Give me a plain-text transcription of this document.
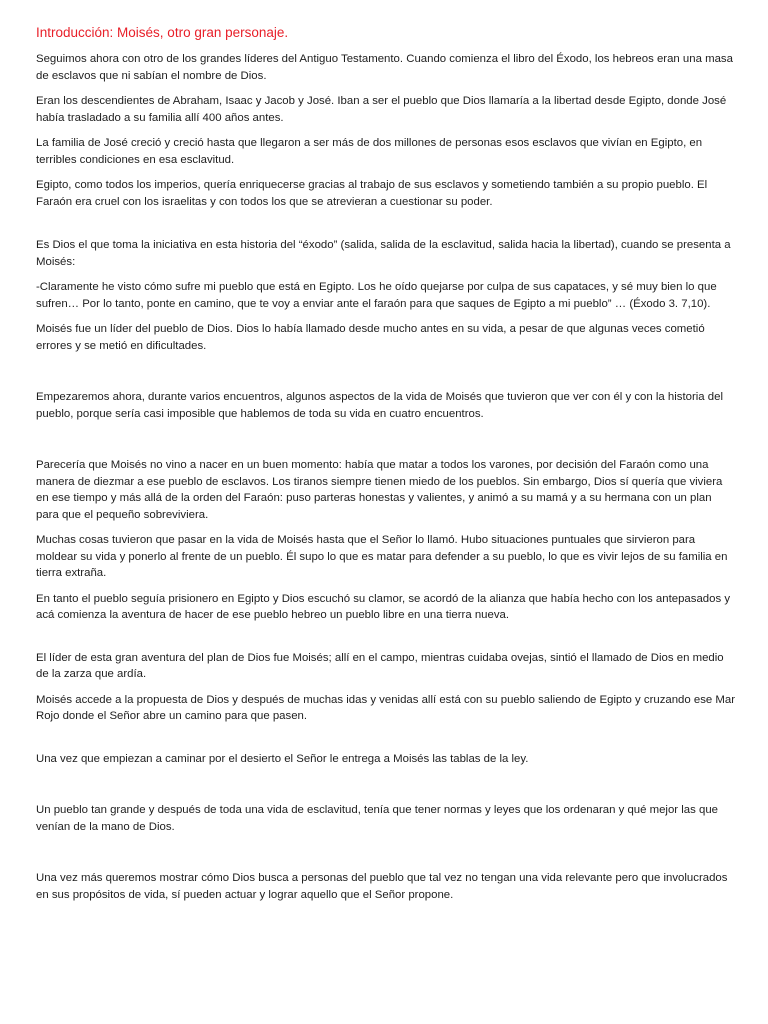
Introducción: Moisés, otro gran personaje.

Seguimos ahora con otro de los grandes líderes del Antiguo Testamento. Cuando comienza el libro del Éxodo, los hebreos eran una masa de esclavos que ni sabían el nombre de Dios.

Eran los descendientes de Abraham, Isaac y Jacob y José. Iban a ser el pueblo que Dios llamaría a la libertad desde Egipto, donde José había trasladado a su familia allí 400 años antes.

La familia de José creció y creció hasta que llegaron a ser más de dos millones de personas esos esclavos que vivían en Egipto, en terribles condiciones en esa esclavitud.

Egipto, como todos los imperios, quería enriquecerse gracias al trabajo de sus esclavos y sometiendo también a su propio pueblo. El Faraón era cruel con los israelitas y con todos los que se atrevieran a cuestionar su poder.

Es Dios el que toma la iniciativa en esta historia del “éxodo” (salida, salida de la esclavitud, salida hacia la libertad), cuando se presenta a Moisés:

-Claramente he visto cómo sufre mi pueblo que está en Egipto. Los he oído quejarse por culpa de sus capataces, y sé muy bien lo que sufren… Por lo tanto, ponte en camino, que te voy a enviar ante el faraón para que saques de Egipto a mi pueblo” … (Éxodo 3. 7,10).

Moisés fue un líder del pueblo de Dios. Dios lo había llamado desde mucho antes en su vida, a pesar de que algunas veces cometió errores y se metió en dificultades.

Empezaremos ahora, durante varios encuentros, algunos aspectos de la vida de Moisés que tuvieron que ver con él y con la historia del pueblo, porque sería casi imposible que hablemos de toda su vida en cuatro encuentros.

Parecería que Moisés no vino a nacer en un buen momento: había que matar a todos los varones, por decisión del Faraón como una manera de diezmar a ese pueblo de esclavos. Los tiranos siempre tienen miedo de los pueblos. Sin embargo, Dios sí quería que viviera en ese tiempo y más allá de la orden del Faraón: puso parteras honestas y valientes, y animó a su mamá y a su hermana con un plan para que el pequeño sobreviviera.

Muchas cosas tuvieron que pasar en la vida de Moisés hasta que el Señor lo llamó. Hubo situaciones puntuales que sirvieron para moldear su vida y ponerlo al frente de un pueblo. Él supo lo que es matar para defender a su pueblo, lo que es vivir lejos de su familia en tierra extraña.

En tanto el pueblo seguía prisionero en Egipto y Dios escuchó su clamor, se acordó de la alianza que había hecho con los antepasados y acá comienza la aventura de hacer de ese pueblo hebreo un pueblo libre en una tierra nueva.

El líder de esta gran aventura del plan de Dios fue Moisés; allí en el campo, mientras cuidaba ovejas, sintió el llamado de Dios en medio de la zarza que ardía.

Moisés accede a la propuesta de Dios y después de muchas idas y venidas allí está con su pueblo saliendo de Egipto y cruzando ese Mar Rojo donde el Señor abre un camino para que pasen.

Una vez que empiezan a caminar por el desierto el Señor le entrega a Moisés las tablas de la ley.

Un pueblo tan grande y después de toda una vida de esclavitud, tenía que tener normas y leyes que los ordenaran y qué mejor las que venían de la mano de Dios.

Una vez más queremos mostrar cómo Dios busca a personas del pueblo que tal vez no tengan una vida relevante pero que involucrados en sus propósitos de vida, sí pueden actuar y lograr aquello que el Señor propone.
